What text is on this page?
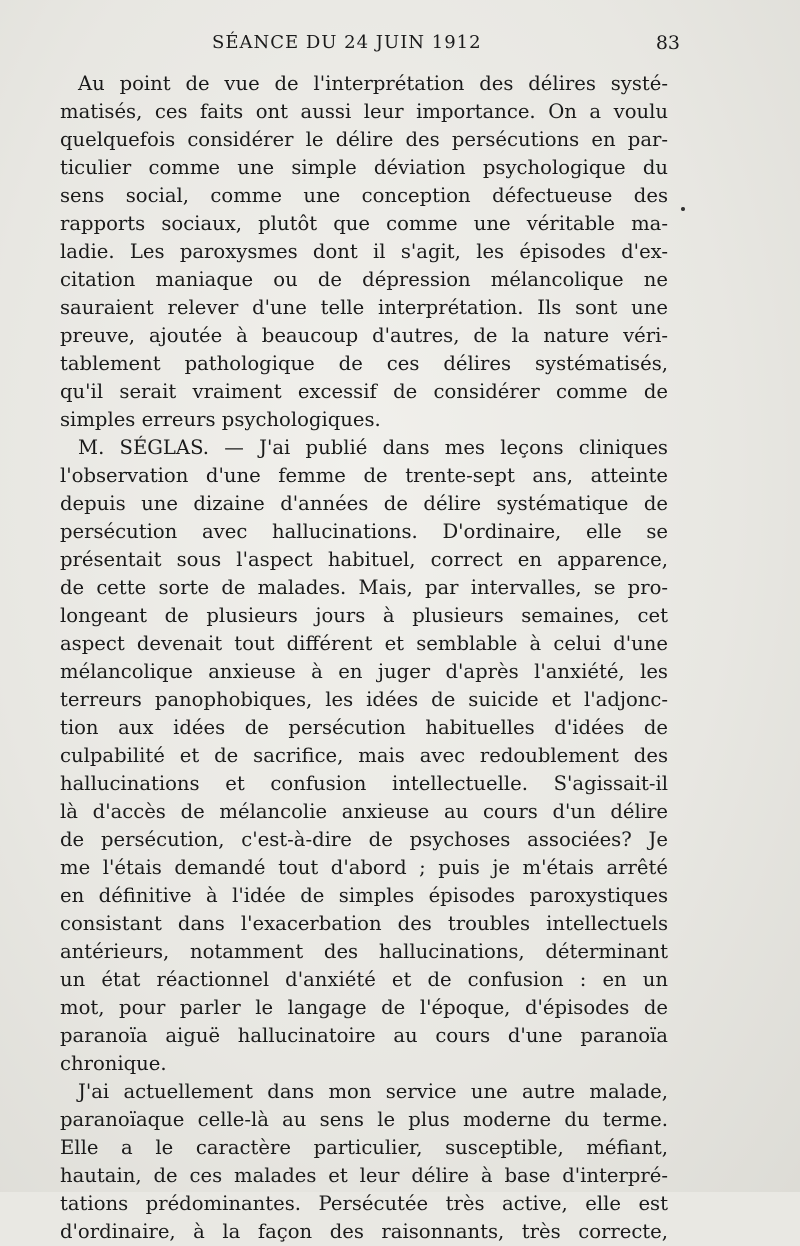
SÉANCE DU 24 JUIN 1912	83
Au point de vue de l'interprétation des délires systé-
matisés, ces faits ont aussi leur importance. On a voulu
quelquefois considérer le délire des persécutions en par-
ticulier comme une simple déviation psychologique du
sens social, comme une conception défectueuse des
rapports sociaux, plutôt que comme une véritable ma-
ladie. Les paroxysmes dont il s'agit, les épisodes d'ex-
citation maniaque ou de dépression mélancolique ne
sauraient relever d'une telle interprétation. Ils sont une
preuve, ajoutée à beaucoup d'autres, de la nature véri-
tablement pathologique de ces délires systématisés,
qu'il serait vraiment excessif de considérer comme de
simples erreurs psychologiques.
M. SÉGLAS. — J'ai publié dans mes leçons cliniques
l'observation d'une femme de trente-sept ans, atteinte
depuis une dizaine d'années de délire systématique de
persécution avec hallucinations. D'ordinaire, elle se
présentait sous l'aspect habituel, correct en apparence,
de cette sorte de malades. Mais, par intervalles, se pro-
longeant de plusieurs jours à plusieurs semaines, cet
aspect devenait tout différent et semblable à celui d'une
mélancolique anxieuse à en juger d'après l'anxiété, les
terreurs panophobiques, les idées de suicide et l'adjonc-
tion aux idées de persécution habituelles d'idées de
culpabilité et de sacrifice, mais avec redoublement des
hallucinations et confusion intellectuelle. S'agissait-il
là d'accès de mélancolie anxieuse au cours d'un délire
de persécution, c'est-à-dire de psychoses associées? Je
me l'étais demandé tout d'abord ; puis je m'étais arrêté
en définitive à l'idée de simples épisodes paroxystiques
consistant dans l'exacerbation des troubles intellectuels
antérieurs, notamment des hallucinations, déterminant
un état réactionnel d'anxiété et de confusion : en un
mot, pour parler le langage de l'époque, d'épisodes de
paranoïa aiguë hallucinatoire au cours d'une paranoïa
chronique.
J'ai actuellement dans mon service une autre malade,
paranoïaque celle-là au sens le plus moderne du terme.
Elle a le caractère particulier, susceptible, méfiant,
hautain, de ces malades et leur délire à base d'interpré-
tations prédominantes. Persécutée très active, elle est
d'ordinaire, à la façon des raisonnants, très correcte,
